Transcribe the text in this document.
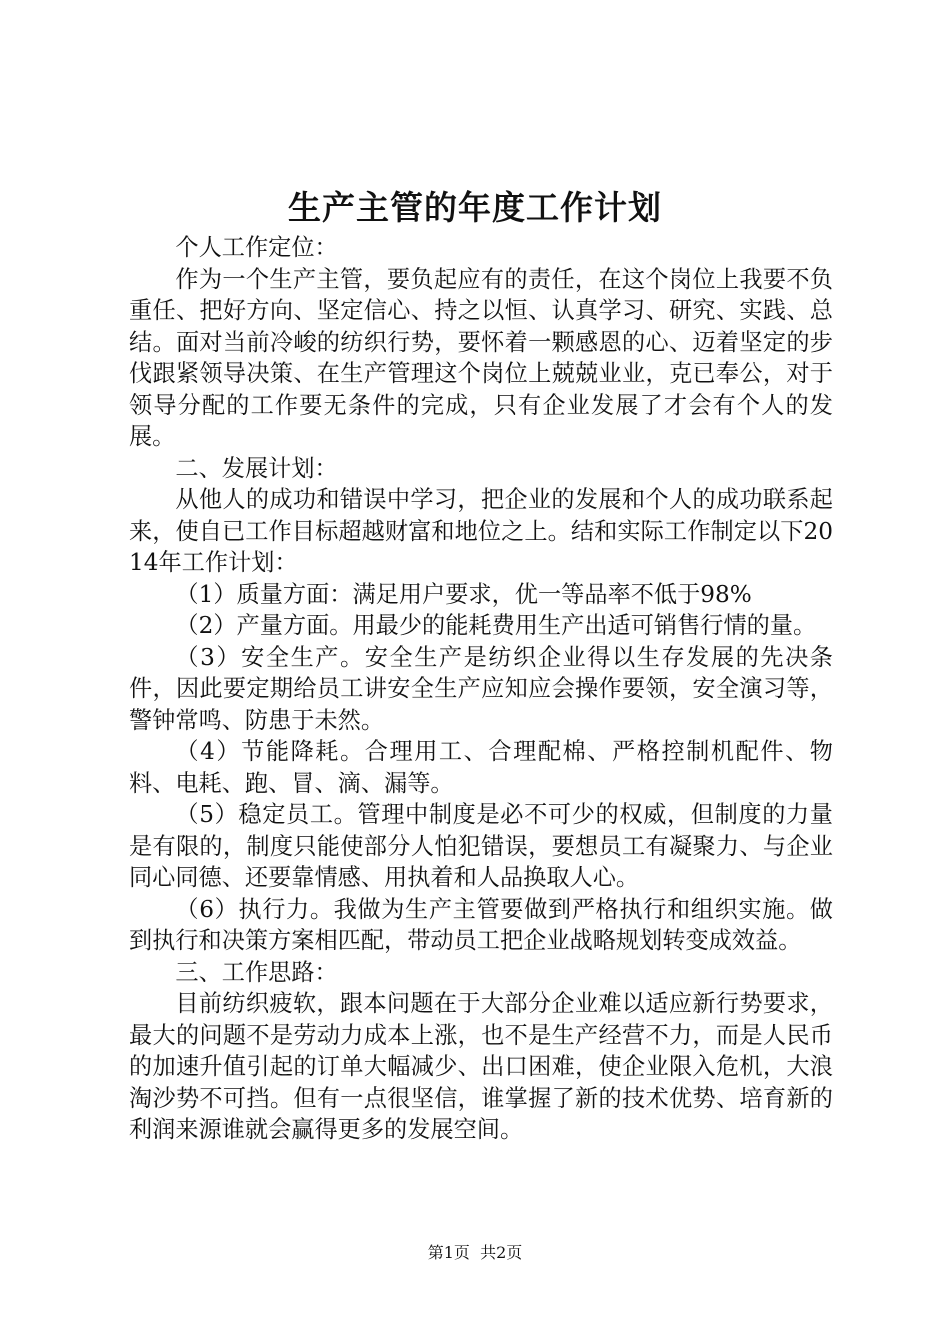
生产主管的年度工作计划

个人工作定位：

作为一个生产主管，要负起应有的责任，在这个岗位上我要不负重任、把好方向、坚定信心、持之以恒、认真学习、研究、实践、总结。面对当前冷峻的纺织行势，要怀着一颗感恩的心、迈着坚定的步伐跟紧领导决策、在生产管理这个岗位上兢兢业业，克已奉公，对于领导分配的工作要无条件的完成，只有企业发展了才会有个人的发展。

二、发展计划：

从他人的成功和错误中学习，把企业的发展和个人的成功联系起来，使自已工作目标超越财富和地位之上。结和实际工作制定以下2014年工作计划：

（1）质量方面：满足用户要求，优一等品率不低于98%

（2）产量方面。用最少的能耗费用生产出适可销售行情的量。

（3）安全生产。安全生产是纺织企业得以生存发展的先决条件，因此要定期给员工讲安全生产应知应会操作要领，安全演习等，警钟常鸣、防患于未然。

（4）节能降耗。合理用工、合理配棉、严格控制机配件、物料、电耗、跑、冒、滴、漏等。

（5）稳定员工。管理中制度是必不可少的权威，但制度的力量是有限的，制度只能使部分人怕犯错误，要想员工有凝聚力、与企业同心同德、还要靠情感、用执着和人品换取人心。

（6）执行力。我做为生产主管要做到严格执行和组织实施。做到执行和决策方案相匹配，带动员工把企业战略规划转变成效益。

三、工作思路：

目前纺织疲软，跟本问题在于大部分企业难以适应新行势要求，最大的问题不是劳动力成本上涨，也不是生产经营不力，而是人民币的加速升值引起的订单大幅减少、出口困难，使企业限入危机，大浪淘沙势不可挡。但有一点很坚信，谁掌握了新的技术优势、培育新的利润来源谁就会赢得更多的发展空间。

第1页  共2页
